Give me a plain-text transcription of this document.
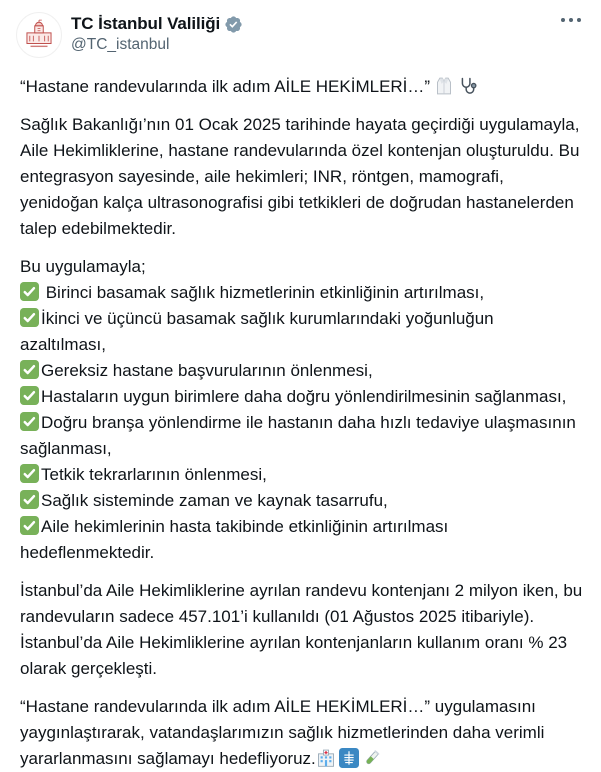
TC İstanbul Valiliği
@TC_istanbul

“Hastane randevularında ilk adım AİLE HEKİMLERİ…”

Sağlık Bakanlığı’nın 01 Ocak 2025 tarihinde hayata geçirdiği uygulamayla, Aile Hekimliklerine, hastane randevularında özel kontenjan oluşturuldu. Bu entegrasyon sayesinde, aile hekimleri; INR, röntgen, mamografi, yenidoğan kalça ultrasonografisi gibi tetkikleri de doğrudan hastanelerden talep edebilmektedir.

Bu uygulamayla;

Birinci basamak sağlık hizmetlerinin etkinliğinin artırılması,
İkinci ve üçüncü basamak sağlık kurumlarındaki yoğunluğun azaltılması,
Gereksiz hastane başvurularının önlenmesi,
Hastaların uygun birimlere daha doğru yönlendirilmesinin sağlanması,
Doğru branşa yönlendirme ile hastanın daha hızlı tedaviye ulaşmasının sağlanması,
Tetkik tekrarlarının önlenmesi,
Sağlık sisteminde zaman ve kaynak tasarrufu,
Aile hekimlerinin hasta takibinde etkinliğinin artırılması hedeflenmektedir.

İstanbul’da Aile Hekimliklerine ayrılan randevu kontenjanı 2 milyon iken, bu randevuların sadece 457.101’i kullanıldı (01 Ağustos 2025 itibariyle). İstanbul’da Aile Hekimliklerine ayrılan kontenjanların kullanım oranı % 23 olarak gerçekleşti.

“Hastane randevularında ilk adım AİLE HEKİMLERİ…” uygulamasını yaygınlaştırarak, vatandaşlarımızın sağlık hizmetlerinden daha verimli yararlanmasını sağlamayı hedefliyoruz.
